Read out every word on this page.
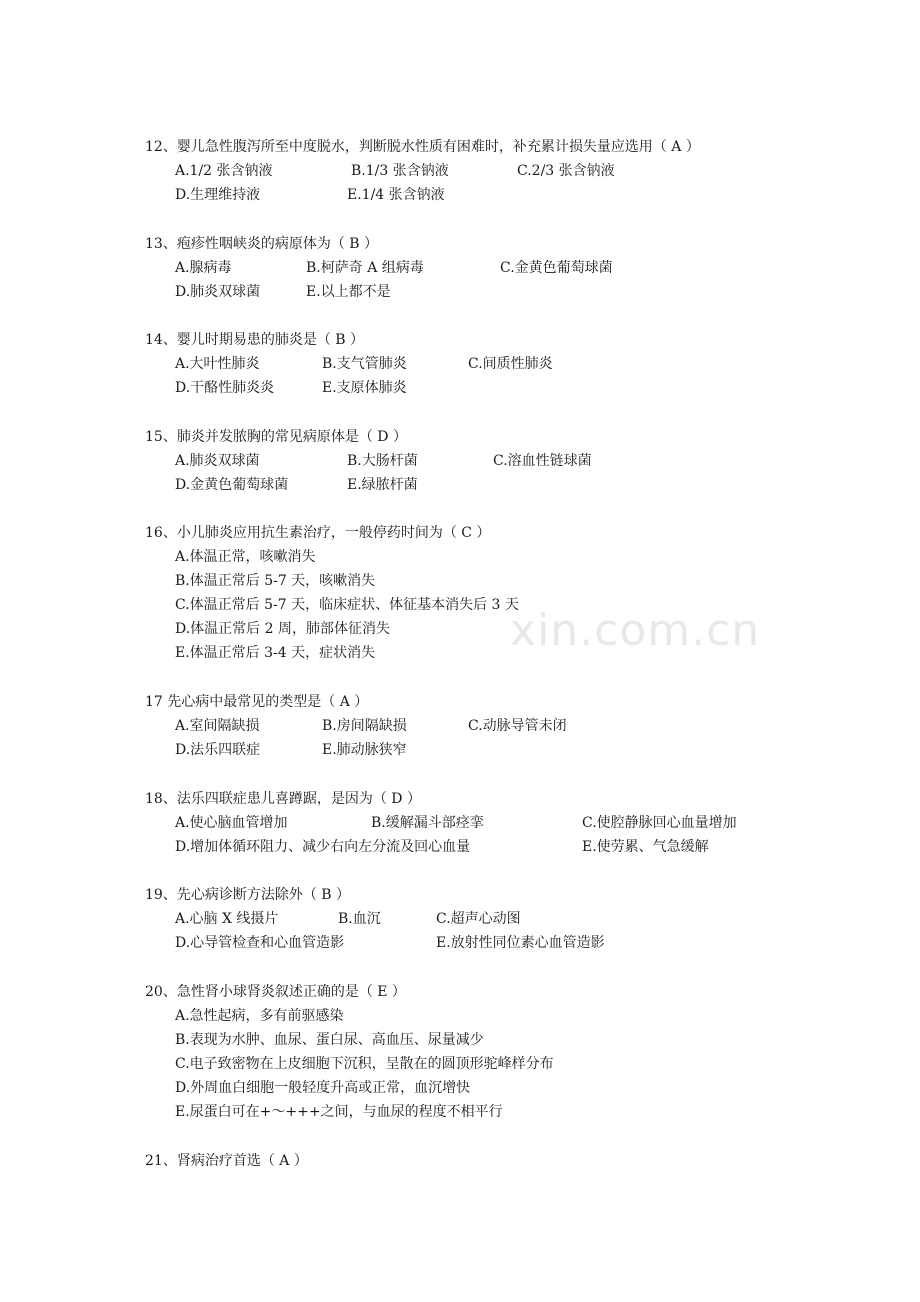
xin.com.cn
12、婴儿急性腹泻所至中度脱水，判断脱水性质有困难时，补充累计损失量应选用（ A ）
A.1/2 张含钠液	B.1/3 张含钠液	C.2/3 张含钠液
D.生理维持液	E.1/4 张含钠液
13、疱疹性咽峡炎的病原体为（ B ）
A.腺病毒	B.柯萨奇 A 组病毒	C.金黄色葡萄球菌
D.肺炎双球菌	E.以上都不是
14、婴儿时期易患的肺炎是（ B ）
A.大叶性肺炎	B.支气管肺炎	C.间质性肺炎
D.干酪性肺炎炎	E.支原体肺炎
15、肺炎并发脓胸的常见病原体是（ D ）
A.肺炎双球菌	B.大肠杆菌	C.溶血性链球菌
D.金黄色葡萄球菌	E.绿脓杆菌
16、小儿肺炎应用抗生素治疗，一般停药时间为（ C ）
A.体温正常，咳嗽消失
B.体温正常后 5-7 天，咳嗽消失
C.体温正常后 5-7 天，临床症状、体征基本消失后 3 天
D.体温正常后 2 周，肺部体征消失
E.体温正常后 3-4 天，症状消失
17 先心病中最常见的类型是（ A ）
A.室间隔缺损	B.房间隔缺损	C.动脉导管未闭
D.法乐四联症	E.肺动脉狭窄
18、法乐四联症患儿喜蹲踞，是因为（ D ）
A.使心脑血管增加	B.缓解漏斗部痉挛	C.使腔静脉回心血量增加
D.增加体循环阻力、减少右向左分流及回心血量	E.使劳累、气急缓解
19、先心病诊断方法除外（ B ）
A.心脑 X 线摄片	B.血沉	C.超声心动图
D.心导管检查和心血管造影	E.放射性同位素心血管造影
20、急性肾小球肾炎叙述正确的是（ E ）
A.急性起病，多有前驱感染
B.表现为水肿、血尿、蛋白尿、高血压、尿量减少
C.电子致密物在上皮细胞下沉积，呈散在的圆顶形驼峰样分布
D.外周血白细胞一般轻度升高或正常，血沉增快
E.尿蛋白可在+～+++之间，与血尿的程度不相平行
21、肾病治疗首选（ A ）
